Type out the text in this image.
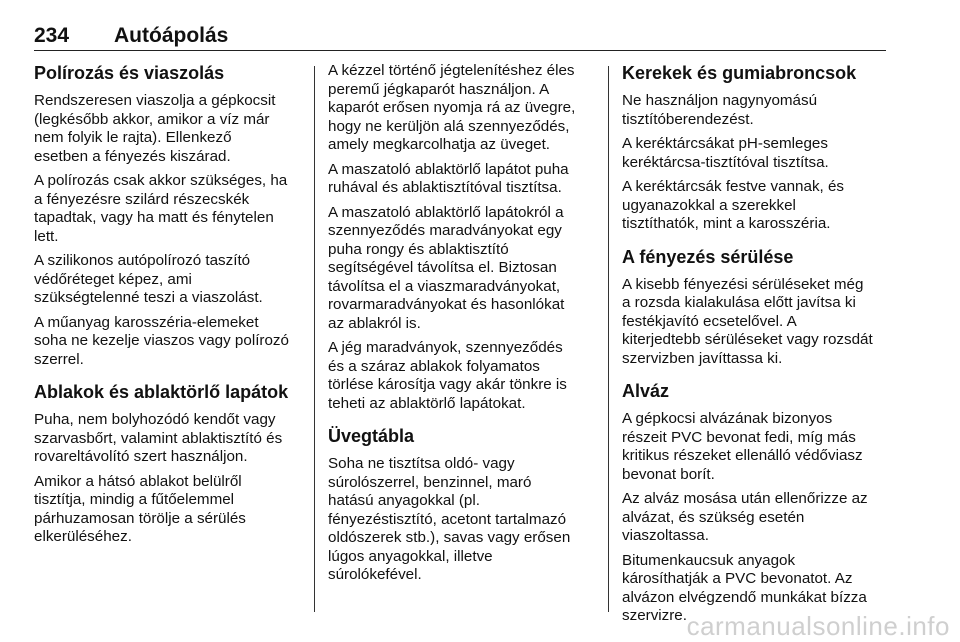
234 Autóápolás
Polírozás és viaszolás

Rendszeresen viaszolja a gépkocsit
(legkésőbb akkor, amikor a víz már
nem folyik le rajta). Ellenkező
esetben a fényezés kiszárad.

A polírozás csak akkor szükséges, ha
a fényezésre szilárd részecskék
tapadtak, vagy ha matt és fénytelen
lett.

A szilikonos autópolírozó taszító
védőréteget képez, ami
szükségtelenné teszi a viaszolást.

A műanyag karosszéria-elemeket
soha ne kezelje viaszos vagy polírozó
szerrel.

Ablakok és ablaktörlő lapátok

Puha, nem bolyhozódó kendőt vagy
szarvasbőrt, valamint ablaktisztító és
rovareltávolító szert használjon.

Amikor a hátsó ablakot belülről
tisztítja, mindig a fűtőelemmel
párhuzamosan törölje a sérülés
elkerüléséhez.

A kézzel történő jégtelenítéshez éles
peremű jégkaparót használjon. A
kaparót erősen nyomja rá az üvegre,
hogy ne kerüljön alá szennyeződés,
amely megkarcolhatja az üveget.

A maszatoló ablaktörlő lapátot puha
ruhával és ablaktisztítóval tisztítsa.

A maszatoló ablaktörlő lapátokról a
szennyeződés maradványokat egy
puha rongy és ablaktisztító
segítségével távolítsa el. Biztosan
távolítsa el a viaszmaradványokat,
rovarmaradványokat és hasonlókat
az ablakról is.

A jég maradványok, szennyeződés
és a száraz ablakok folyamatos
törlése károsítja vagy akár tönkre is
teheti az ablaktörlő lapátokat.

Üvegtábla

Soha ne tisztítsa oldó- vagy
súrolószerrel, benzinnel, maró
hatású anyagokkal (pl.
fényezéstisztító, acetont tartalmazó
oldószerek stb.), savas vagy erősen
lúgos anyagokkal, illetve
súrolókefével.

Kerekek és gumiabroncsok

Ne használjon nagynyomású
tisztítóberendezést.

A keréktárcsákat pH-semleges
keréktárcsa-tisztítóval tisztítsa.

A keréktárcsák festve vannak, és
ugyanazokkal a szerekkel
tisztíthatók, mint a karosszéria.

A fényezés sérülése

A kisebb fényezési sérüléseket még
a rozsda kialakulása előtt javítsa ki
festékjavító ecsetelővel. A
kiterjedtebb sérüléseket vagy rozsdát
szervizben javíttassa ki.

Alváz

A gépkocsi alvázának bizonyos
részeit PVC bevonat fedi, míg más
kritikus részeket ellenálló védőviasz
bevonat borít.

Az alváz mosása után ellenőrizze az
alvázat, és szükség esetén
viaszoltassa.

Bitumenkaucsuk anyagok
károsíthatják a PVC bevonatot. Az
alvázon elvégzendő munkákat bízza
szervizre. carmanualsonline.info
